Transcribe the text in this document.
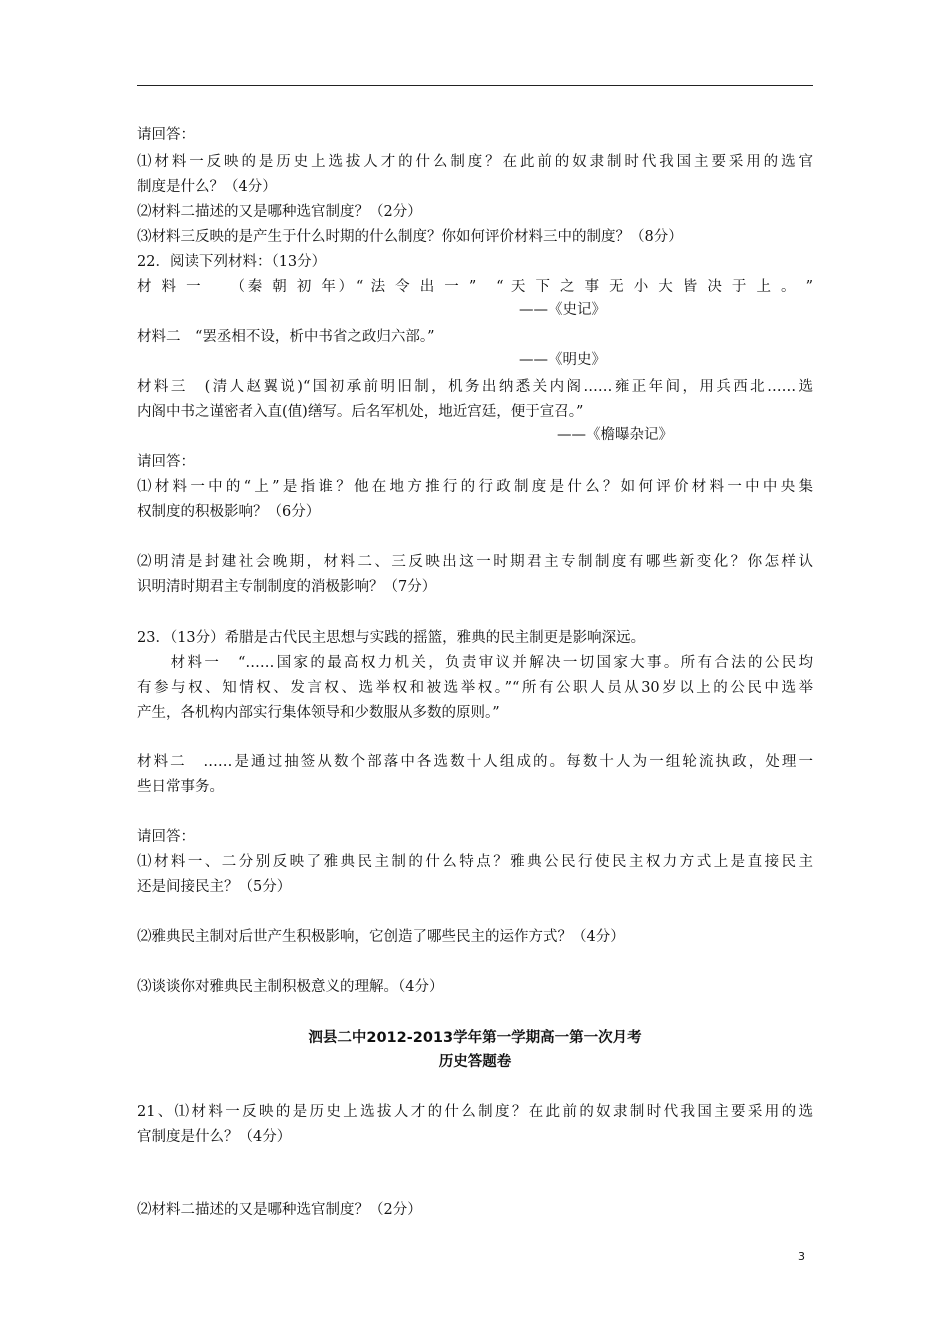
请回答：
⑴材料一反映的是历史上选拔人才的什么制度？在此前的奴隶制时代我国主要采用的选官
制度是什么？（4分）
⑵材料二描述的又是哪种选官制度？（2分）
⑶材料三反映的是产生于什么时期的什么制度？你如何评价材料三中的制度？（8分）
22．阅读下列材料：（13分）
材 料 一　　（秦 朝 初 年）“ 法 令 出 一 ”　“ 天 下 之 事 无 小 大 皆 决 于 上 。 ”
——《史记》
材料二　“罢丞相不设，析中书省之政归六部。”
——《明史》
材料三　(清人赵翼说)“国初承前明旧制，机务出纳悉关内阁……雍正年间，用兵西北……选
内阁中书之谨密者入直(值)缮写。后名军机处，地近宫廷，便于宣召。”
——《檐曝杂记》
请回答：
⑴材料一中的“上”是指谁？他在地方推行的行政制度是什么？如何评价材料一中中央集
权制度的积极影响？（6分）
⑵明清是封建社会晚期，材料二、三反映出这一时期君主专制制度有哪些新变化？你怎样认
识明清时期君主专制制度的消极影响？（7分）
23．（13分）希腊是古代民主思想与实践的摇篮，雅典的民主制更是影响深远。
　　材料一　“……国家的最高权力机关，负责审议并解决一切国家大事。所有合法的公民均
有参与权、知情权、发言权、选举权和被选举权。”“所有公职人员从30岁以上的公民中选举
产生，各机构内部实行集体领导和少数服从多数的原则。”
材料二　……是通过抽签从数个部落中各选数十人组成的。每数十人为一组轮流执政，处理一
些日常事务。
请回答：
⑴材料一、二分别反映了雅典民主制的什么特点？雅典公民行使民主权力方式上是直接民主
还是间接民主？（5分）
⑵雅典民主制对后世产生积极影响，它创造了哪些民主的运作方式？（4分）
⑶谈谈你对雅典民主制积极意义的理解。（4分）
泗县二中2012-2013学年第一学期高一第一次月考
历史答题卷
21、⑴材料一反映的是历史上选拔人才的什么制度？在此前的奴隶制时代我国主要采用的选
官制度是什么？（4分）
⑵材料二描述的又是哪种选官制度？（2分）
3
